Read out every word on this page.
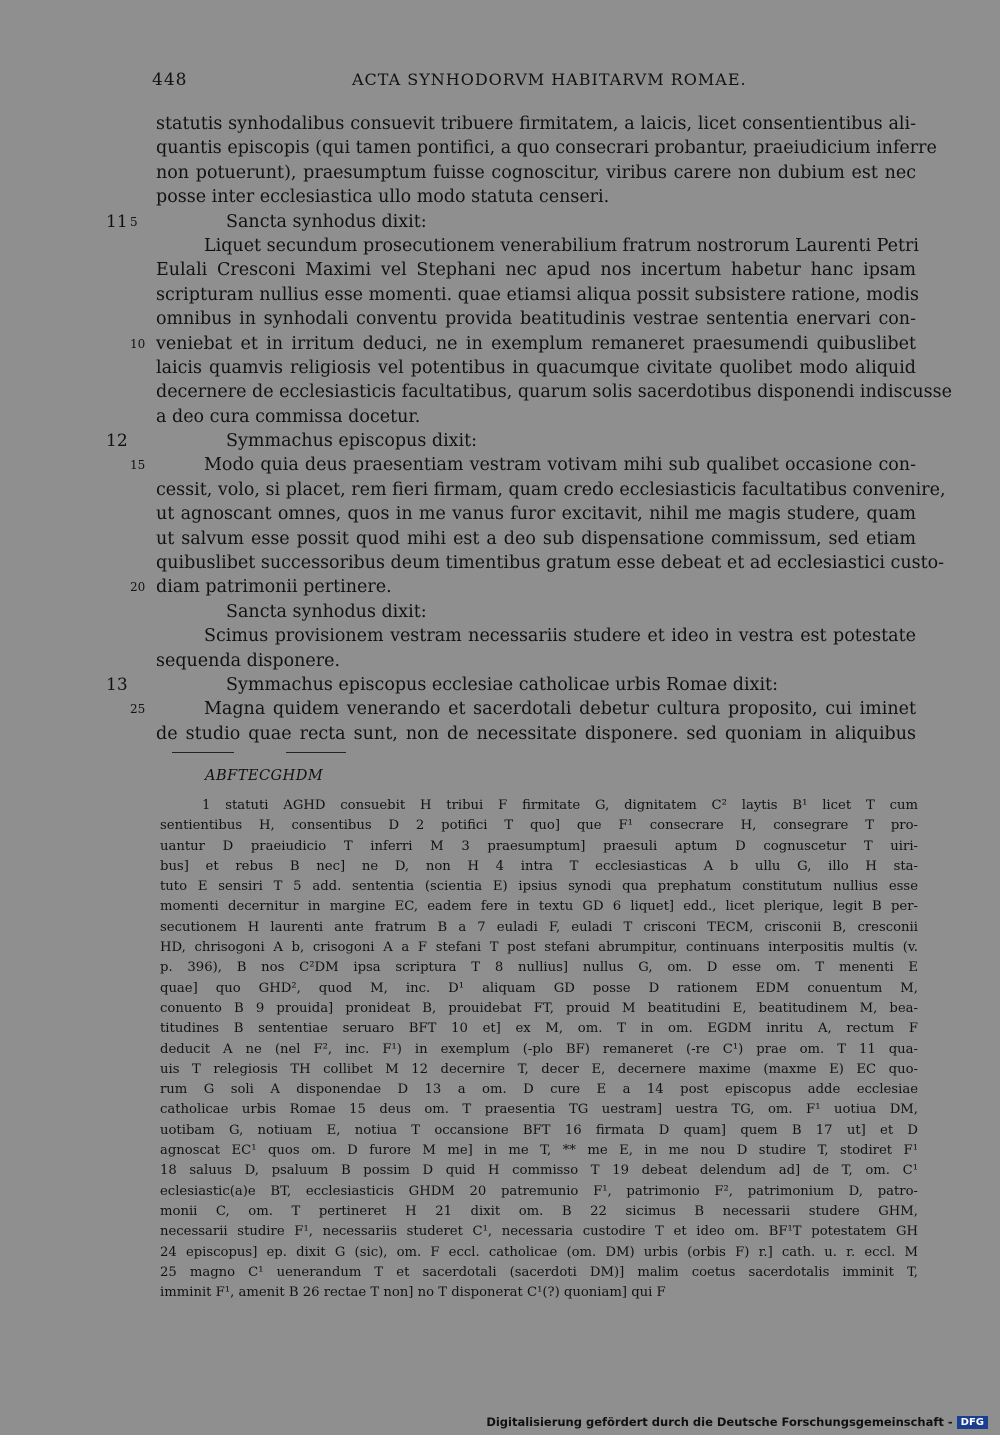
448	ACTA SYNHODORVM HABITARVM ROMAE.
statutis synhodalibus consuevit tribuere firmitatem, a laicis, licet consentientibus ali-
quantis episcopis (qui tamen pontifici, a quo consecrari probantur, praeiudicium inferre
non potuerunt), praesumptum fuisse cognoscitur, viribus carere non dubium est nec
posse inter ecclesiastica ullo modo statuta censeri.
11 5	Sancta synhodus dixit:
Liquet secundum prosecutionem venerabilium fratrum nostrorum Laurenti Petri
Eulali Cresconi Maximi vel Stephani nec apud nos incertum habetur hanc ipsam
scripturam nullius esse momenti. quae etiamsi aliqua possit subsistere ratione, modis
omnibus in synhodali conventu provida beatitudinis vestrae sententia enervari con-
10 veniebat et in irritum deduci, ne in exemplum remaneret praesumendi quibuslibet
laicis quamvis religiosis vel potentibus in quacumque civitate quolibet modo aliquid
decernere de ecclesiasticis facultatibus, quarum solis sacerdotibus disponendi indiscusse
a deo cura commissa docetur.
12	Symmachus episcopus dixit:
15	Modo quia deus praesentiam vestram votivam mihi sub qualibet occasione con-
cessit, volo, si placet, rem fieri firmam, quam credo ecclesiasticis facultatibus convenire,
ut agnoscant omnes, quos in me vanus furor excitavit, nihil me magis studere, quam
ut salvum esse possit quod mihi est a deo sub dispensatione commissum, sed etiam
quibuslibet successoribus deum timentibus gratum esse debeat et ad ecclesiastici custo-
20 diam patrimonii pertinere.
Sancta synhodus dixit:
Scimus provisionem vestram necessariis studere et ideo in vestra est potestate
sequenda disponere.
13	Symmachus episcopus ecclesiae catholicae urbis Romae dixit:
25	Magna quidem venerando et sacerdotali debetur cultura proposito, cui iminet
de studio quae recta sunt, non de necessitate disponere. sed quoniam in aliquibus
ABFTECGHDM
1 statuti AGHD consuebit H tribui F firmitate G, dignitatem C² laytis B¹ licet T cum
sentientibus H, consentibus D 2 potifici T quo] que F¹ consecrare H, consegrare T pro-
uantur D praeiudicio T inferri M 3 praesumptum] praesuli aptum D cognuscetur T uiri-
bus] et rebus B nec] ne D, non H 4 intra T ecclesiasticas A b ullu G, illo H sta-
tuto E sensiri T 5 add. sententia (scientia E) ipsius synodi qua prephatum constitutum nullius esse
momenti decernitur in margine EC, eadem fere in textu GD 6 liquet] edd., licet plerique, legit B per-
secutionem H laurenti ante fratrum B a 7 euladi F, euladi T crisconi TECM, crisconii B, cresconii
HD, chrisogoni A b, crisogoni A a F stefani T post stefani abrumpitur, continuans interpositis multis (v.
p. 396), B nos C²DM ipsa scriptura T 8 nullius] nullus G, om. D esse om. T menenti E
quae] quo GHD², quod M, inc. D¹ aliquam GD posse D rationem EDM conuentum M,
conuento B 9 prouida] pronideat B, prouidebat FT, prouid M beatitudini E, beatitudinem M, bea-
titudines B sententiae seruaro BFT 10 et] ex M, om. T in om. EGDM inritu A, rectum F
deducit A ne (nel F², inc. F¹) in exemplum (-plo BF) remaneret (-re C¹) prae om. T 11 qua-
uis T relegiosis TH collibet M 12 decernire T, decer E, decernere maxime (maxme E) EC quo-
rum G soli A disponendae D 13 a om. D cure E a 14 post episcopus adde ecclesiae
catholicae urbis Romae 15 deus om. T praesentia TG uestram] uestra TG, om. F¹ uotiua DM,
uotibam G, notiuam E, notiua T occansione BFT 16 firmata D quam] quem B 17 ut] et D
agnoscat EC¹ quos om. D furore M me] in me T, ** me E, in me nou D studire T, stodiret F¹
18 saluus D, psaluum B possim D quid H commisso T 19 debeat delendum ad] de T, om. C¹
eclesiastic(a)e BT, ecclesiasticis GHDM 20 patremunio F¹, patrimonio F², patrimonium D, patro-
monii C, om. T pertineret H 21 dixit om. B 22 sicimus B necessarii studere GHM,
necessarii studire F¹, necessariis studeret C¹, necessaria custodire T et ideo om. BF¹T potestatem GH
24 episcopus] ep. dixit G (sic), om. F eccl. catholicae (om. DM) urbis (orbis F) r.] cath. u. r. eccl. M
25 magno C¹ uenerandum T et sacerdotali (sacerdoti DM)] malim coetus sacerdotalis imminit T,
imminit F¹, amenit B 26 rectae T non] no T disponerat C¹(?) quoniam] qui F
Digitalisierung gefördert durch die Deutsche Forschungsgemeinschaft - DFG
